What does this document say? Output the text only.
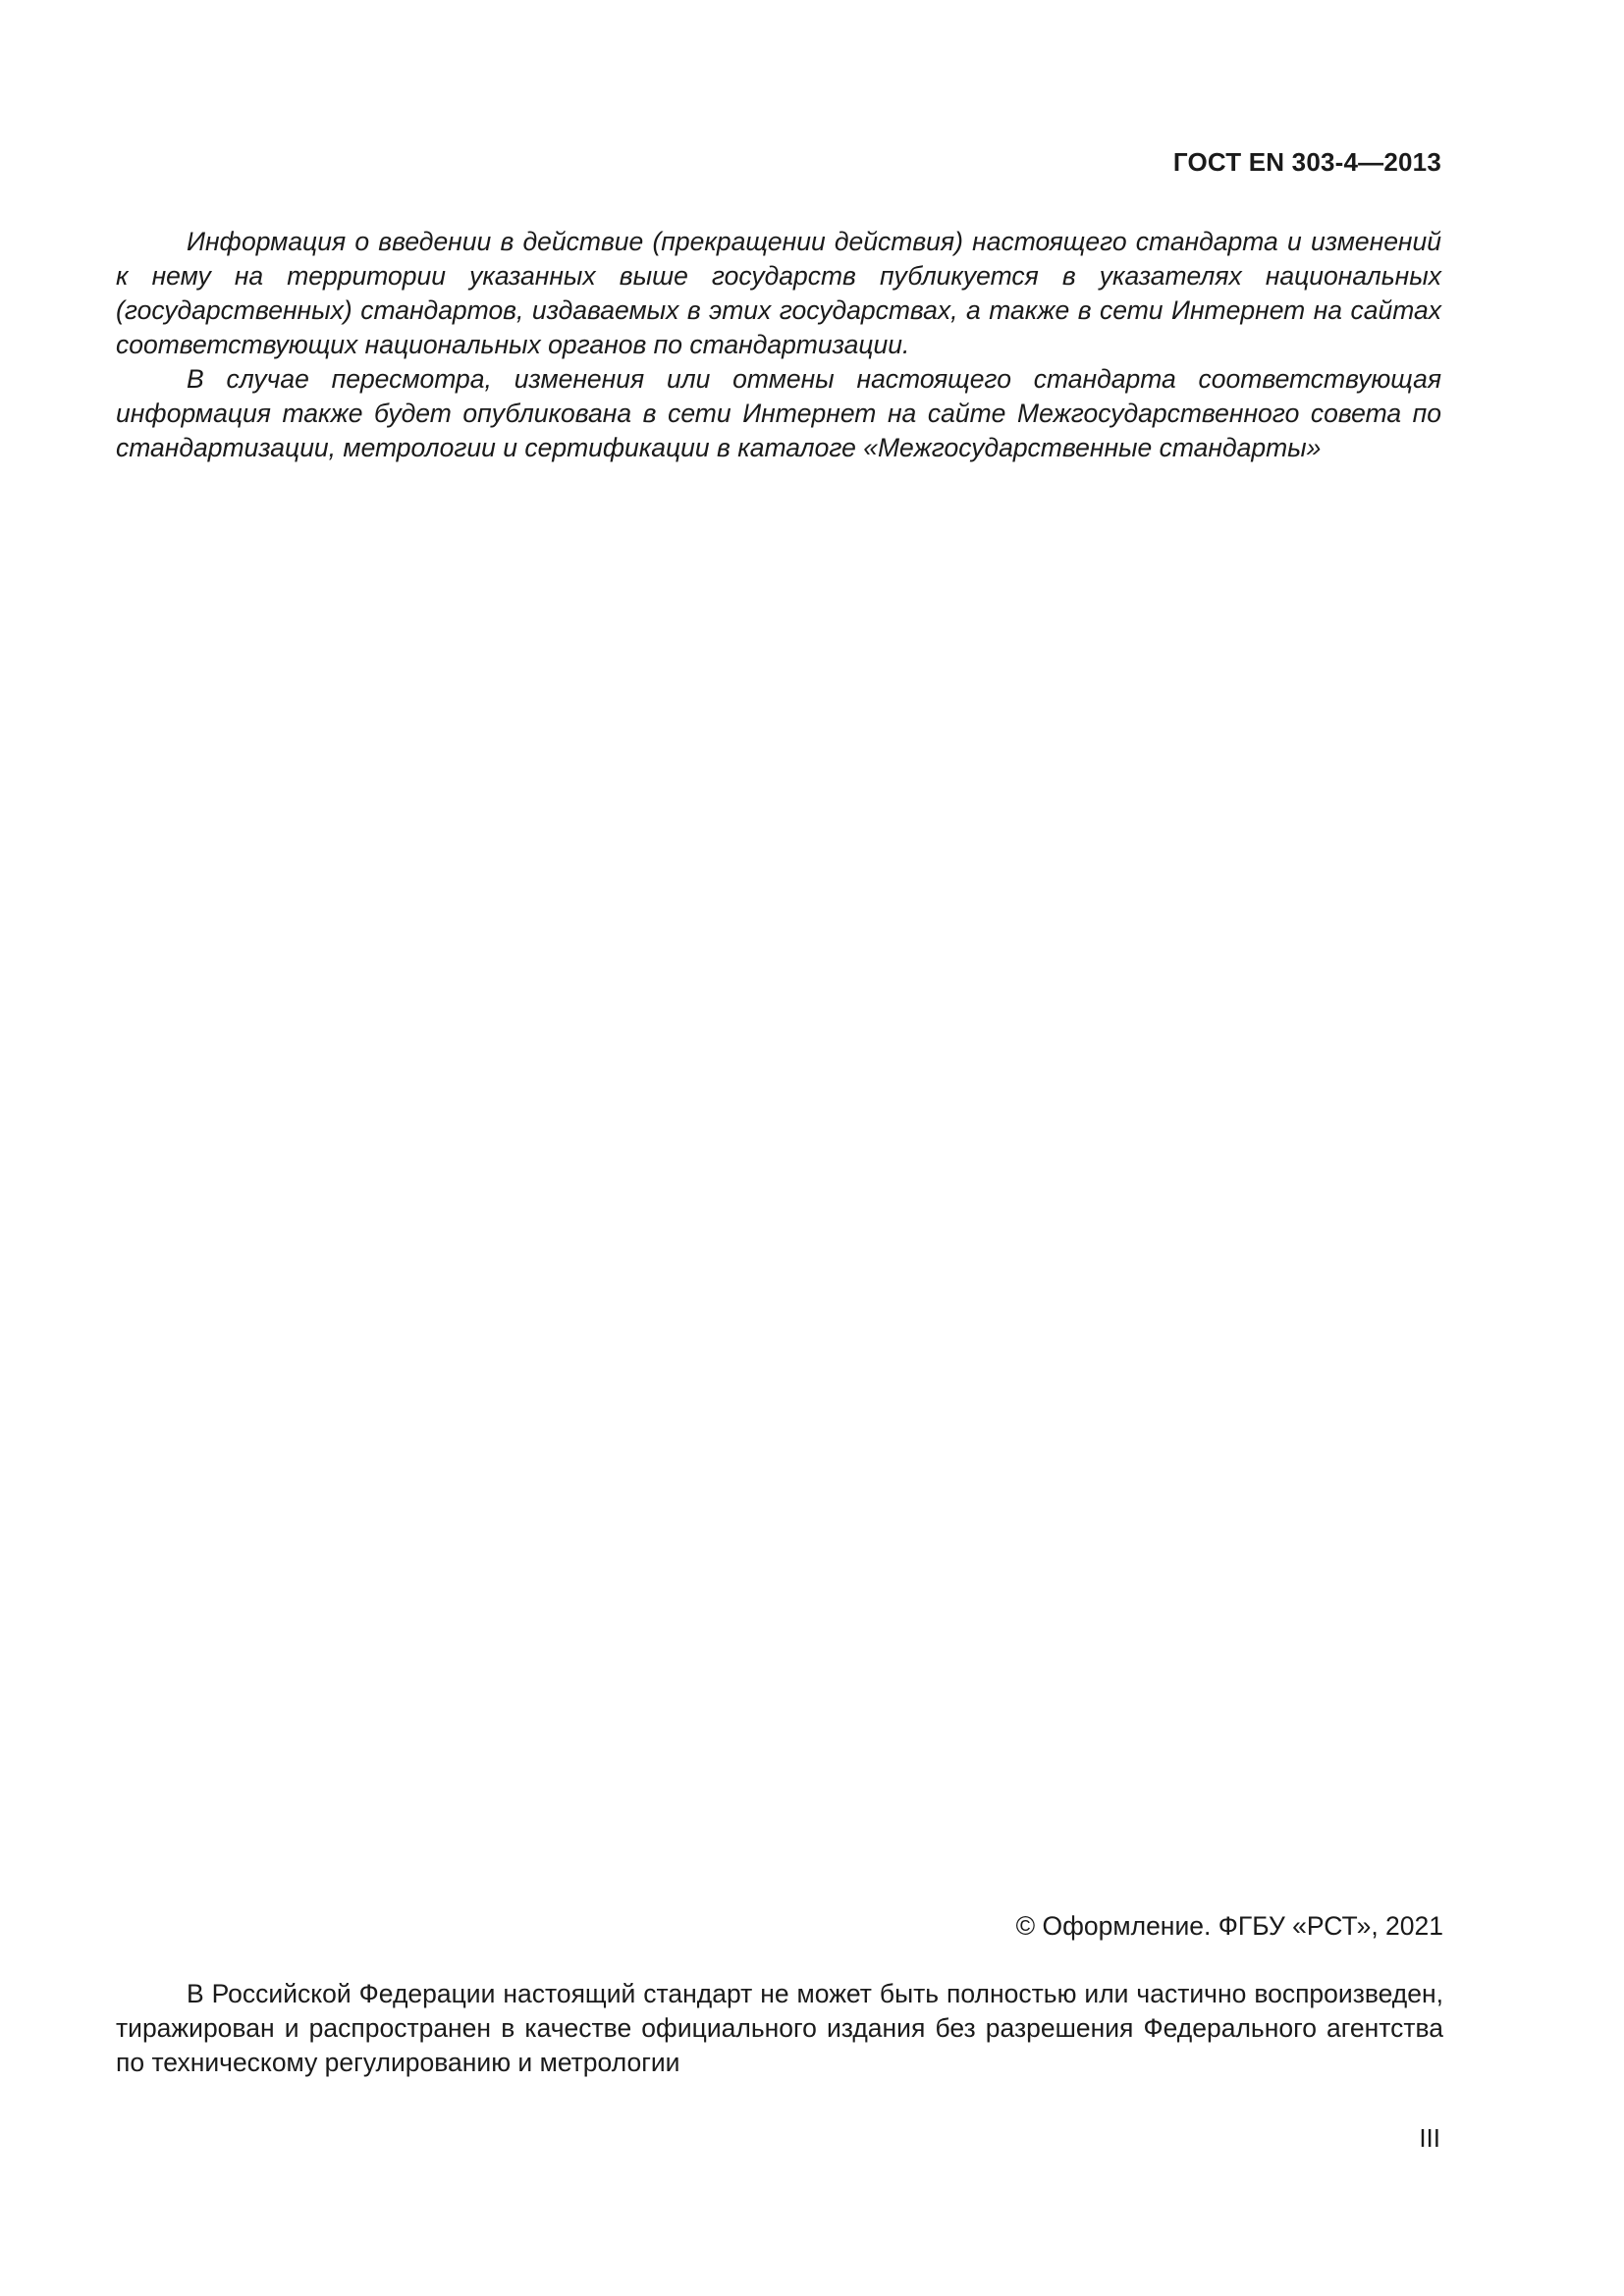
ГОСТ EN 303-4—2013

Информация о введении в действие (прекращении действия) настоящего стандарта и изменений к нему на территории указанных выше государств публикуется в указателях национальных (государственных) стандартов, издаваемых в этих государствах, а также в сети Интернет на сайтах соответствующих национальных органов по стандартизации.

В случае пересмотра, изменения или отмены настоящего стандарта соответствующая информация также будет опубликована в сети Интернет на сайте Межгосударственного совета по стандартизации, метрологии и сертификации в каталоге «Межгосударственные стандарты»

© Оформление. ФГБУ «РСТ», 2021

В Российской Федерации настоящий стандарт не может быть полностью или частично воспроизведен, тиражирован и распространен в качестве официального издания без разрешения Федерального агентства по техническому регулированию и метрологии

III
